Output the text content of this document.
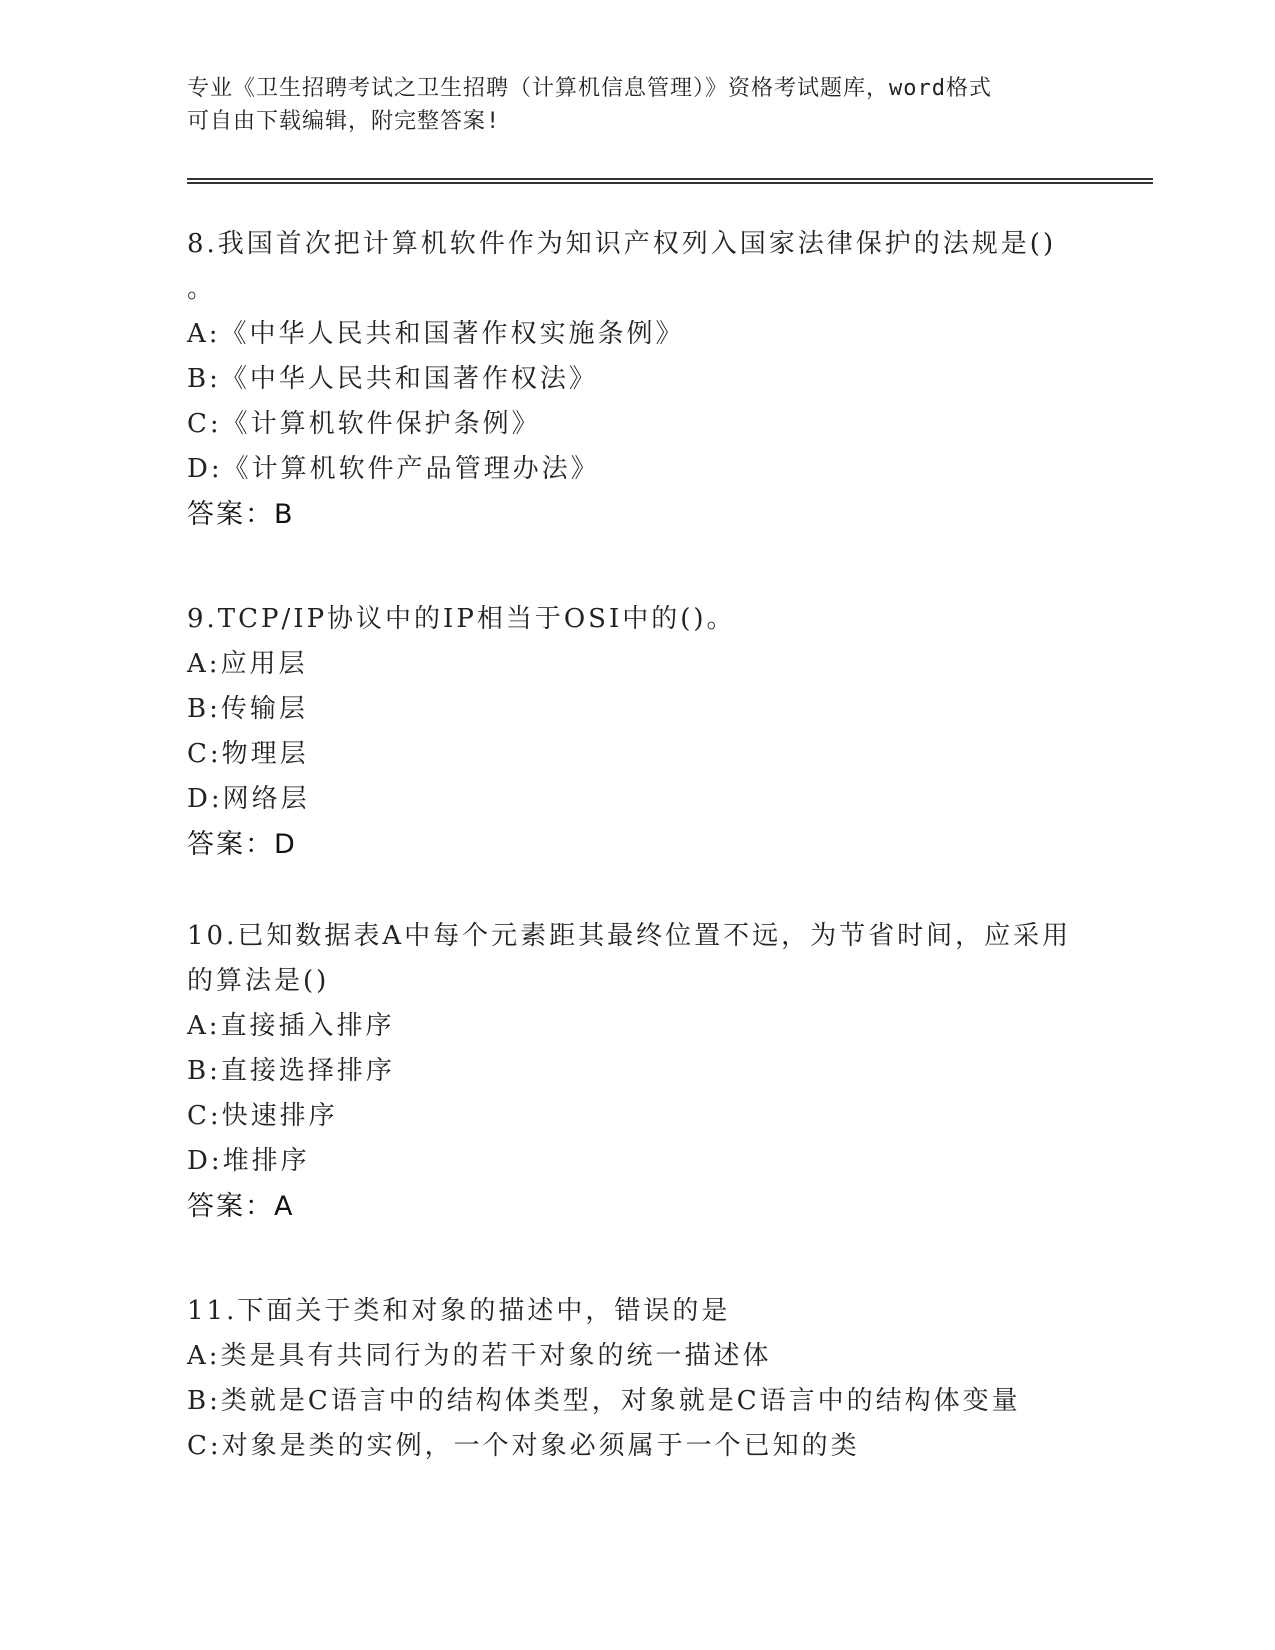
专业《卫生招聘考试之卫生招聘（计算机信息管理）》资格考试题库，word格式
可自由下载编辑，附完整答案!
8.我国首次把计算机软件作为知识产权列入国家法律保护的法规是()
。
A:《中华人民共和国著作权实施条例》
B:《中华人民共和国著作权法》
C:《计算机软件保护条例》
D:《计算机软件产品管理办法》
答案：B
9.TCP/IP协议中的IP相当于OSI中的()。
A:应用层
B:传输层
C:物理层
D:网络层
答案：D
10.已知数据表A中每个元素距其最终位置不远，为节省时间，应采用
的算法是()
A:直接插入排序
B:直接选择排序
C:快速排序
D:堆排序
答案：A
11.下面关于类和对象的描述中，错误的是
A:类是具有共同行为的若干对象的统一描述体
B:类就是C语言中的结构体类型，对象就是C语言中的结构体变量
C:对象是类的实例，一个对象必须属于一个已知的类
